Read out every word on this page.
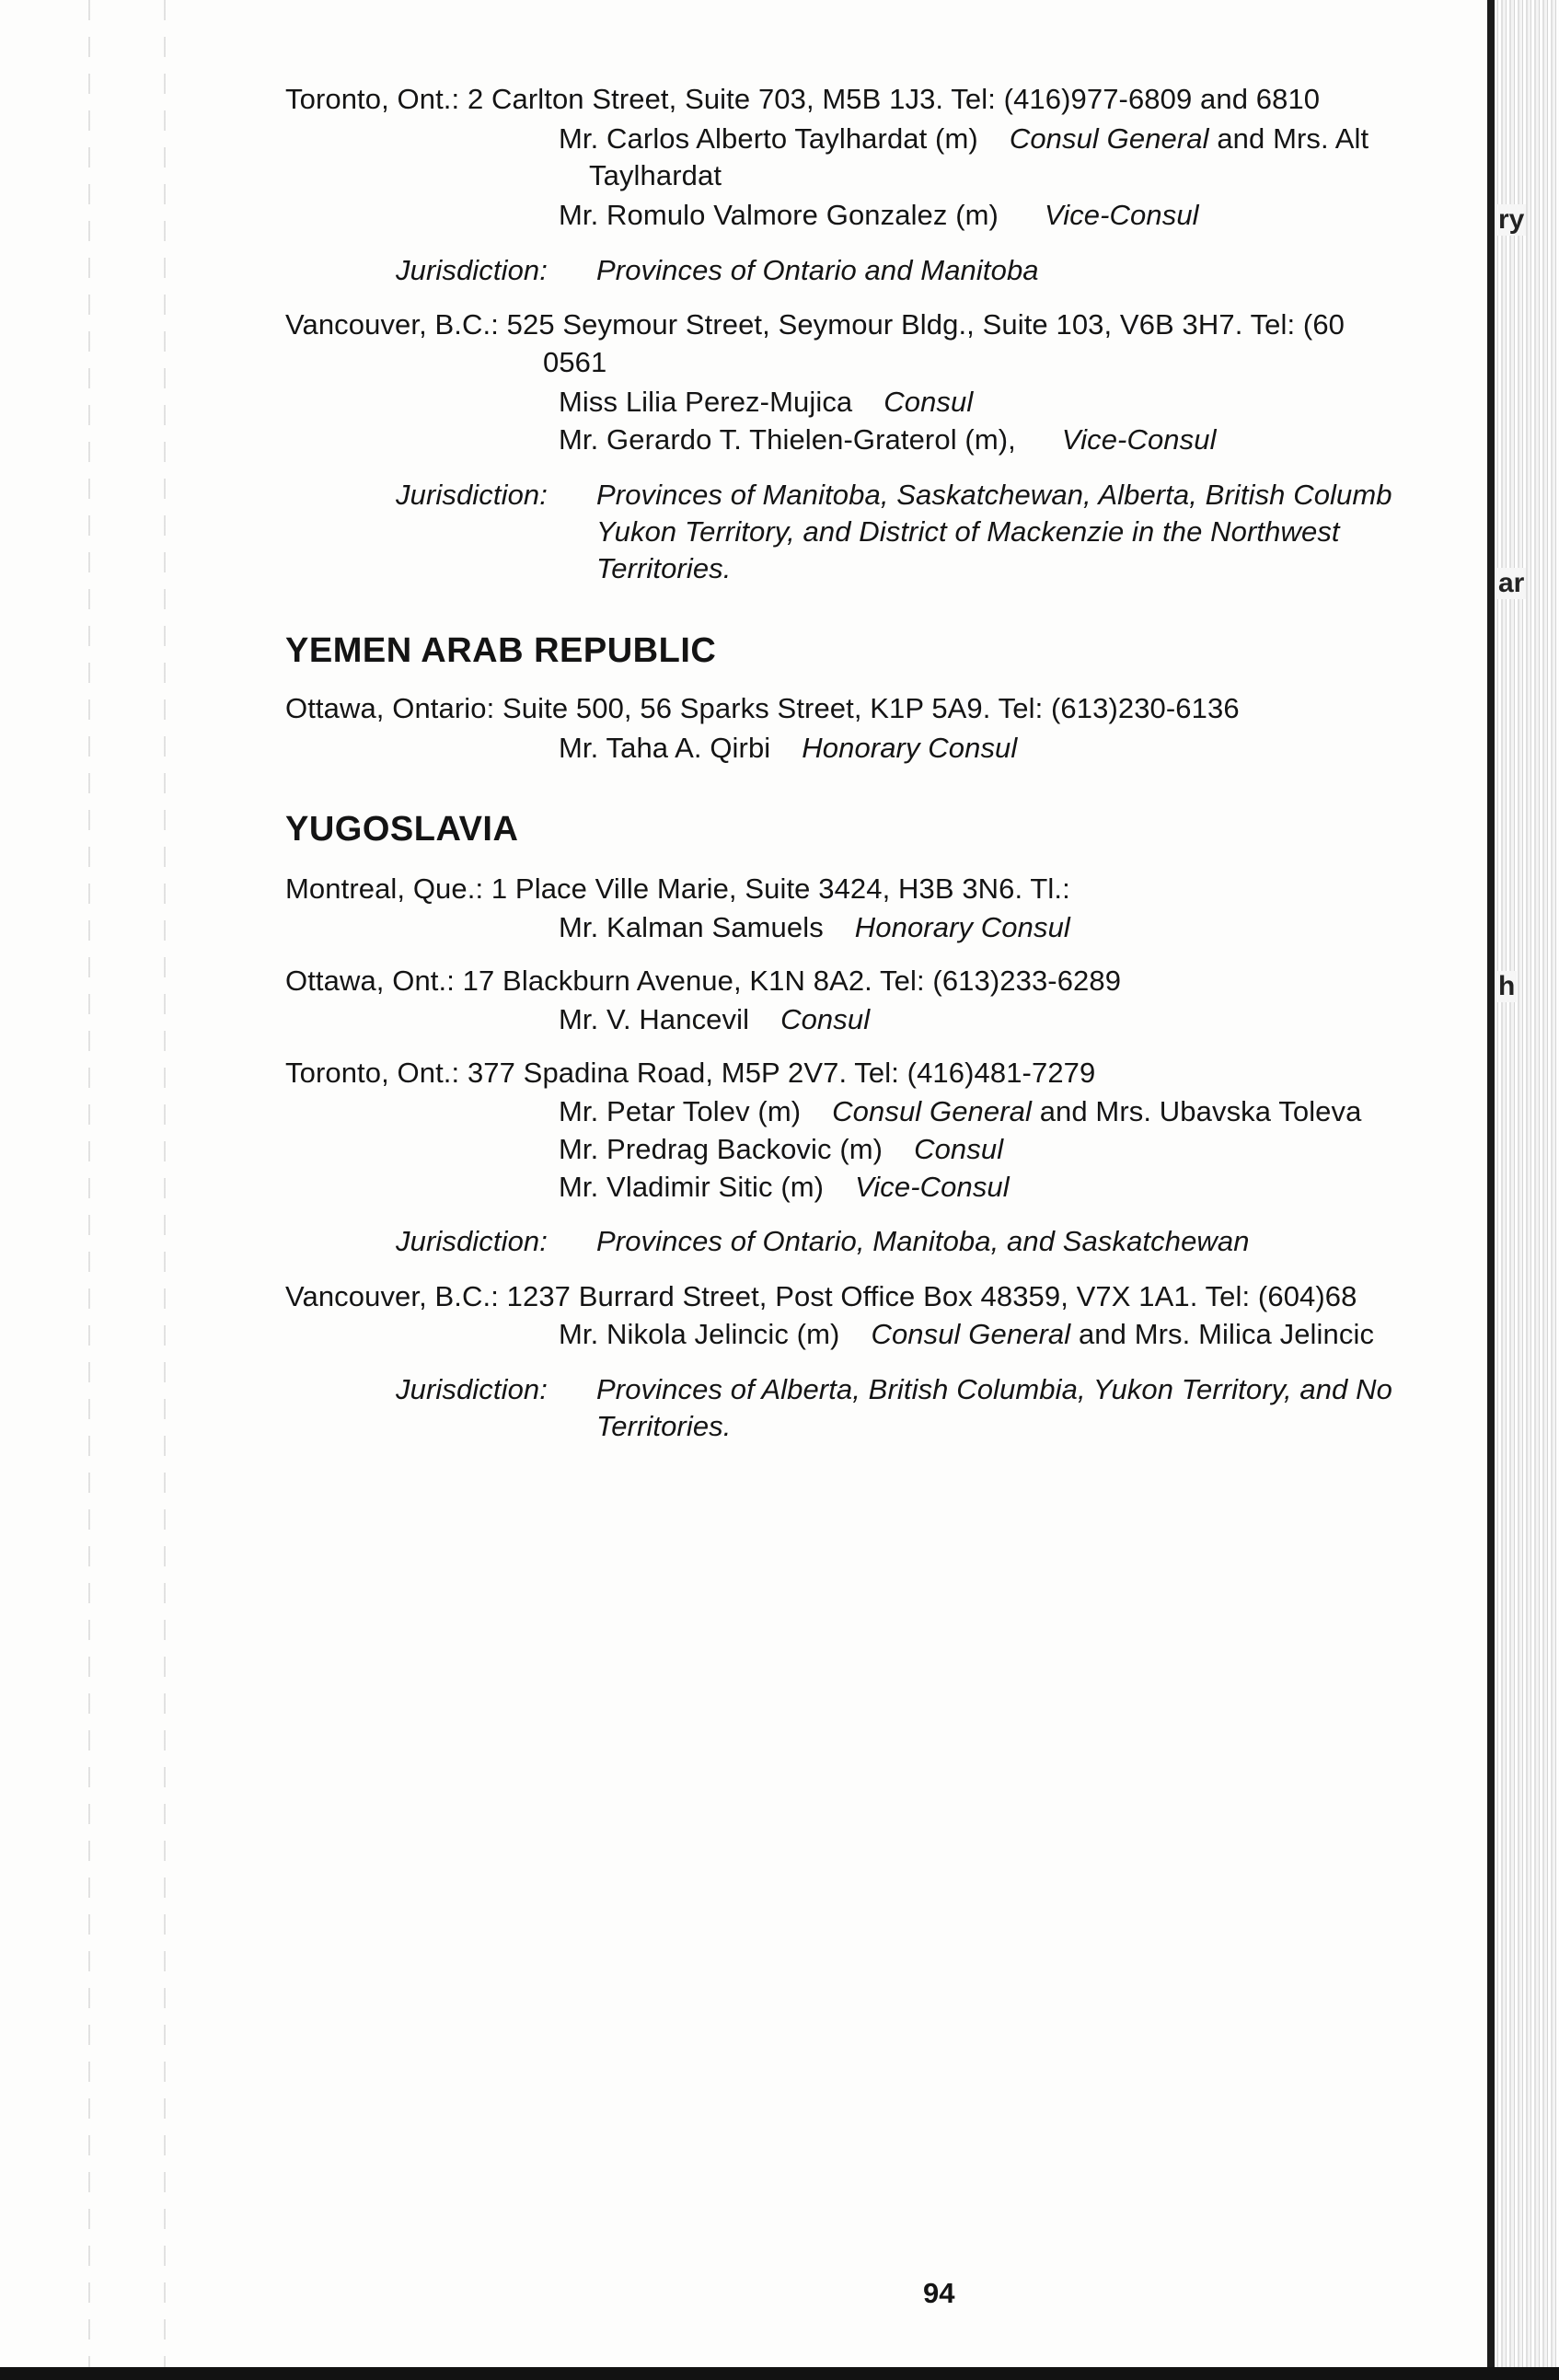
ry
ar
h
Toronto, Ont.: 2 Carlton Street, Suite 703, M5B 1J3. Tel: (416)977-6809 and 6810
Mr. Carlos Alberto Taylhardat (m) Consul General and Mrs. Alt
Taylhardat
Mr. Romulo Valmore Gonzalez (m) Vice-Consul
Jurisdiction: Provinces of Ontario and Manitoba
Vancouver, B.C.: 525 Seymour Street, Seymour Bldg., Suite 103, V6B 3H7. Tel: (60
0561
Miss Lilia Perez-Mujica Consul
Mr. Gerardo T. Thielen-Graterol (m), Vice-Consul
Jurisdiction: Provinces of Manitoba, Saskatchewan, Alberta, British Columb
Yukon Territory, and District of Mackenzie in the Northwest
Territories.
YEMEN ARAB REPUBLIC
Ottawa, Ontario: Suite 500, 56 Sparks Street, K1P 5A9. Tel: (613)230-6136
Mr. Taha A. Qirbi Honorary Consul
YUGOSLAVIA
Montreal, Que.: 1 Place Ville Marie, Suite 3424, H3B 3N6. Tl.:
Mr. Kalman Samuels Honorary Consul
Ottawa, Ont.: 17 Blackburn Avenue, K1N 8A2. Tel: (613)233-6289
Mr. V. Hancevil Consul
Toronto, Ont.: 377 Spadina Road, M5P 2V7. Tel: (416)481-7279
Mr. Petar Tolev (m) Consul General and Mrs. Ubavska Toleva
Mr. Predrag Backovic (m) Consul
Mr. Vladimir Sitic (m) Vice-Consul
Jurisdiction: Provinces of Ontario, Manitoba, and Saskatchewan
Vancouver, B.C.: 1237 Burrard Street, Post Office Box 48359, V7X 1A1. Tel: (604)68
Mr. Nikola Jelincic (m) Consul General and Mrs. Milica Jelincic
Jurisdiction: Provinces of Alberta, British Columbia, Yukon Territory, and No
Territories.
94
